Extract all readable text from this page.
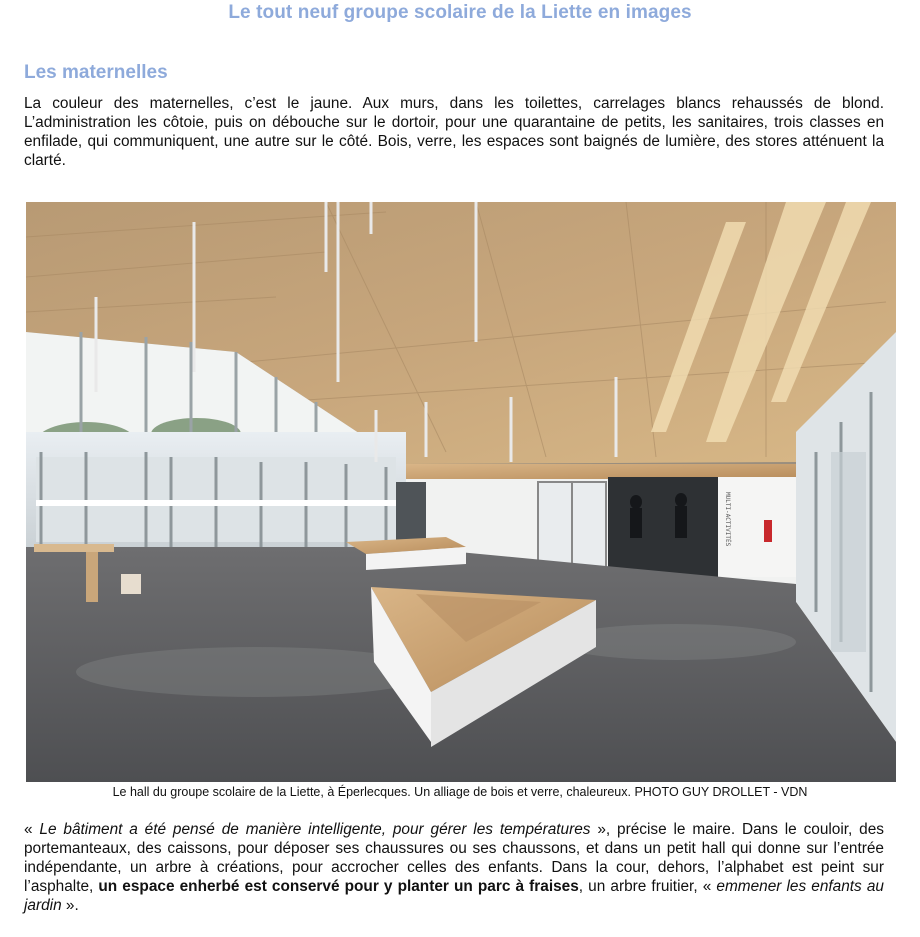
Le tout neuf groupe scolaire de la Liette en images
Les maternelles

La couleur des maternelles, c’est le jaune. Aux murs, dans les toilettes, carrelages blancs rehaussés de blond. L’administration les côtoie, puis on débouche sur le dortoir, pour une quarantaine de petits, les sanitaires, trois classes en enfilade, qui communiquent, une autre sur le côté. Bois, verre, les espaces sont baignés de lumière, des stores atténuent la clarté.

MULTI-ACTIVITÉS
Le hall du groupe scolaire de la Liette, à Éperlecques. Un alliage de bois et verre, chaleureux. PHOTO GUY DROLLET - VDN

« Le bâtiment a été pensé de manière intelligente, pour gérer les températures », précise le maire. Dans le couloir, des portemanteaux, des caissons, pour déposer ses chaussures ou ses chaussons, et dans un petit hall qui donne sur l’entrée indépendante, un arbre à créations, pour accrocher celles des enfants. Dans la cour, dehors, l’alphabet est peint sur l’asphalte, un espace enherbé est conservé pour y planter un parc à fraises, un arbre fruitier, « emmener les enfants au jardin ».
